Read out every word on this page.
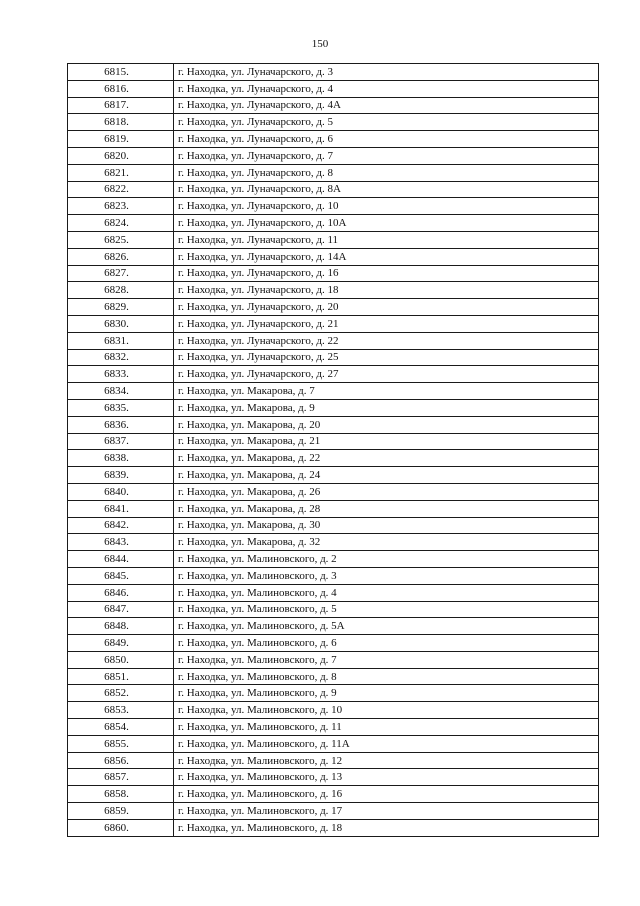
150
6815.	г. Находка, ул. Луначарского, д. 3
6816.	г. Находка, ул. Луначарского, д. 4
6817.	г. Находка, ул. Луначарского, д. 4А
6818.	г. Находка, ул. Луначарского, д. 5
6819.	г. Находка, ул. Луначарского, д. 6
6820.	г. Находка, ул. Луначарского, д. 7
6821.	г. Находка, ул. Луначарского, д. 8
6822.	г. Находка, ул. Луначарского, д. 8А
6823.	г. Находка, ул. Луначарского, д. 10
6824.	г. Находка, ул. Луначарского, д. 10А
6825.	г. Находка, ул. Луначарского, д. 11
6826.	г. Находка, ул. Луначарского, д. 14А
6827.	г. Находка, ул. Луначарского, д. 16
6828.	г. Находка, ул. Луначарского, д. 18
6829.	г. Находка, ул. Луначарского, д. 20
6830.	г. Находка, ул. Луначарского, д. 21
6831.	г. Находка, ул. Луначарского, д. 22
6832.	г. Находка, ул. Луначарского, д. 25
6833.	г. Находка, ул. Луначарского, д. 27
6834.	г. Находка, ул. Макарова, д. 7
6835.	г. Находка, ул. Макарова, д. 9
6836.	г. Находка, ул. Макарова, д. 20
6837.	г. Находка, ул. Макарова, д. 21
6838.	г. Находка, ул. Макарова, д. 22
6839.	г. Находка, ул. Макарова, д. 24
6840.	г. Находка, ул. Макарова, д. 26
6841.	г. Находка, ул. Макарова, д. 28
6842.	г. Находка, ул. Макарова, д. 30
6843.	г. Находка, ул. Макарова, д. 32
6844.	г. Находка, ул. Малиновского, д. 2
6845.	г. Находка, ул. Малиновского, д. 3
6846.	г. Находка, ул. Малиновского, д. 4
6847.	г. Находка, ул. Малиновского, д. 5
6848.	г. Находка, ул. Малиновского, д. 5А
6849.	г. Находка, ул. Малиновского, д. 6
6850.	г. Находка, ул. Малиновского, д. 7
6851.	г. Находка, ул. Малиновского, д. 8
6852.	г. Находка, ул. Малиновского, д. 9
6853.	г. Находка, ул. Малиновского, д. 10
6854.	г. Находка, ул. Малиновского, д. 11
6855.	г. Находка, ул. Малиновского, д. 11А
6856.	г. Находка, ул. Малиновского, д. 12
6857.	г. Находка, ул. Малиновского, д. 13
6858.	г. Находка, ул. Малиновского, д. 16
6859.	г. Находка, ул. Малиновского, д. 17
6860.	г. Находка, ул. Малиновского, д. 18
